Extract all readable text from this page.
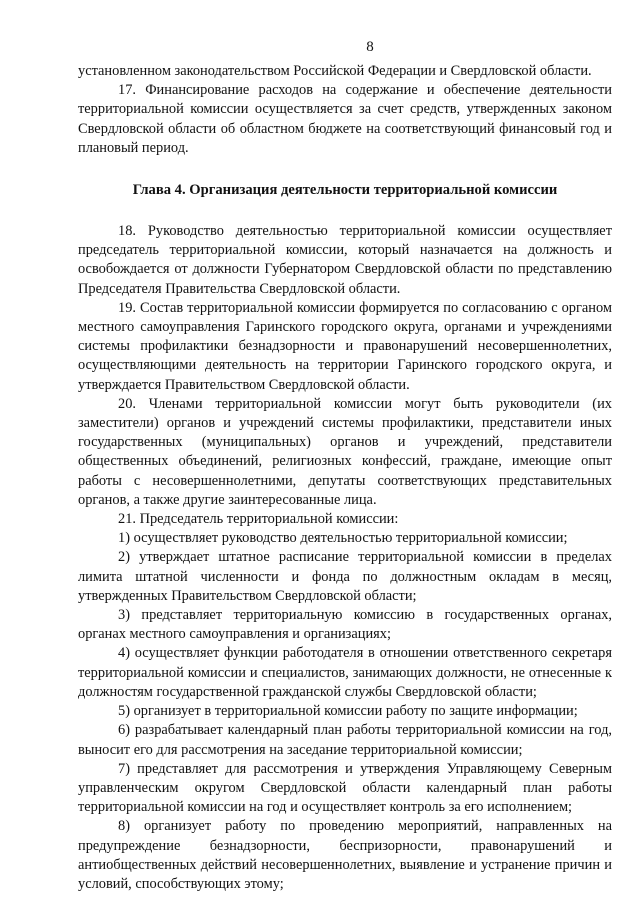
8

установленном законодательством Российской Федерации и Свердловской области.

17. Финансирование расходов на содержание и обеспечение деятельности территориальной комиссии осуществляется за счет средств, утвержденных законом Свердловской области об областном бюджете на соответствующий финансовый год и плановый период.

Глава 4. Организация деятельности территориальной комиссии

18. Руководство деятельностью территориальной комиссии осуществляет председатель территориальной комиссии, который назначается на должность и освобождается от должности Губернатором Свердловской области по представлению Председателя Правительства Свердловской области.

19. Состав территориальной комиссии формируется по согласованию с органом местного самоуправления Гаринского городского округа, органами и учреждениями системы профилактики безнадзорности и правонарушений несовершеннолетних, осуществляющими деятельность на территории Гаринского городского округа, и утверждается Правительством Свердловской области.

20. Членами территориальной комиссии могут быть руководители (их заместители) органов и учреждений системы профилактики, представители иных государственных (муниципальных) органов и учреждений, представители общественных объединений, религиозных конфессий, граждане, имеющие опыт работы с несовершеннолетними, депутаты соответствующих представительных органов, а также другие заинтересованные лица.

21. Председатель территориальной комиссии:

1) осуществляет руководство деятельностью территориальной комиссии;

2) утверждает штатное расписание территориальной комиссии в пределах лимита штатной численности и фонда по должностным окладам в месяц, утвержденных Правительством Свердловской области;

3) представляет территориальную комиссию в государственных органах, органах местного самоуправления и организациях;

4) осуществляет функции работодателя в отношении ответственного секретаря территориальной комиссии и специалистов, занимающих должности, не отнесенные к должностям государственной гражданской службы Свердловской области;

5) организует в территориальной комиссии работу по защите информации;

6) разрабатывает календарный план работы территориальной комиссии на год, выносит его для рассмотрения на заседание территориальной комиссии;

7) представляет для рассмотрения и утверждения Управляющему Северным управленческим округом Свердловской области календарный план работы территориальной комиссии на год и осуществляет контроль за его исполнением;

8) организует работу по проведению мероприятий, направленных на предупреждение безнадзорности, беспризорности, правонарушений и антиобщественных действий несовершеннолетних, выявление и устранение причин и условий, способствующих этому;
